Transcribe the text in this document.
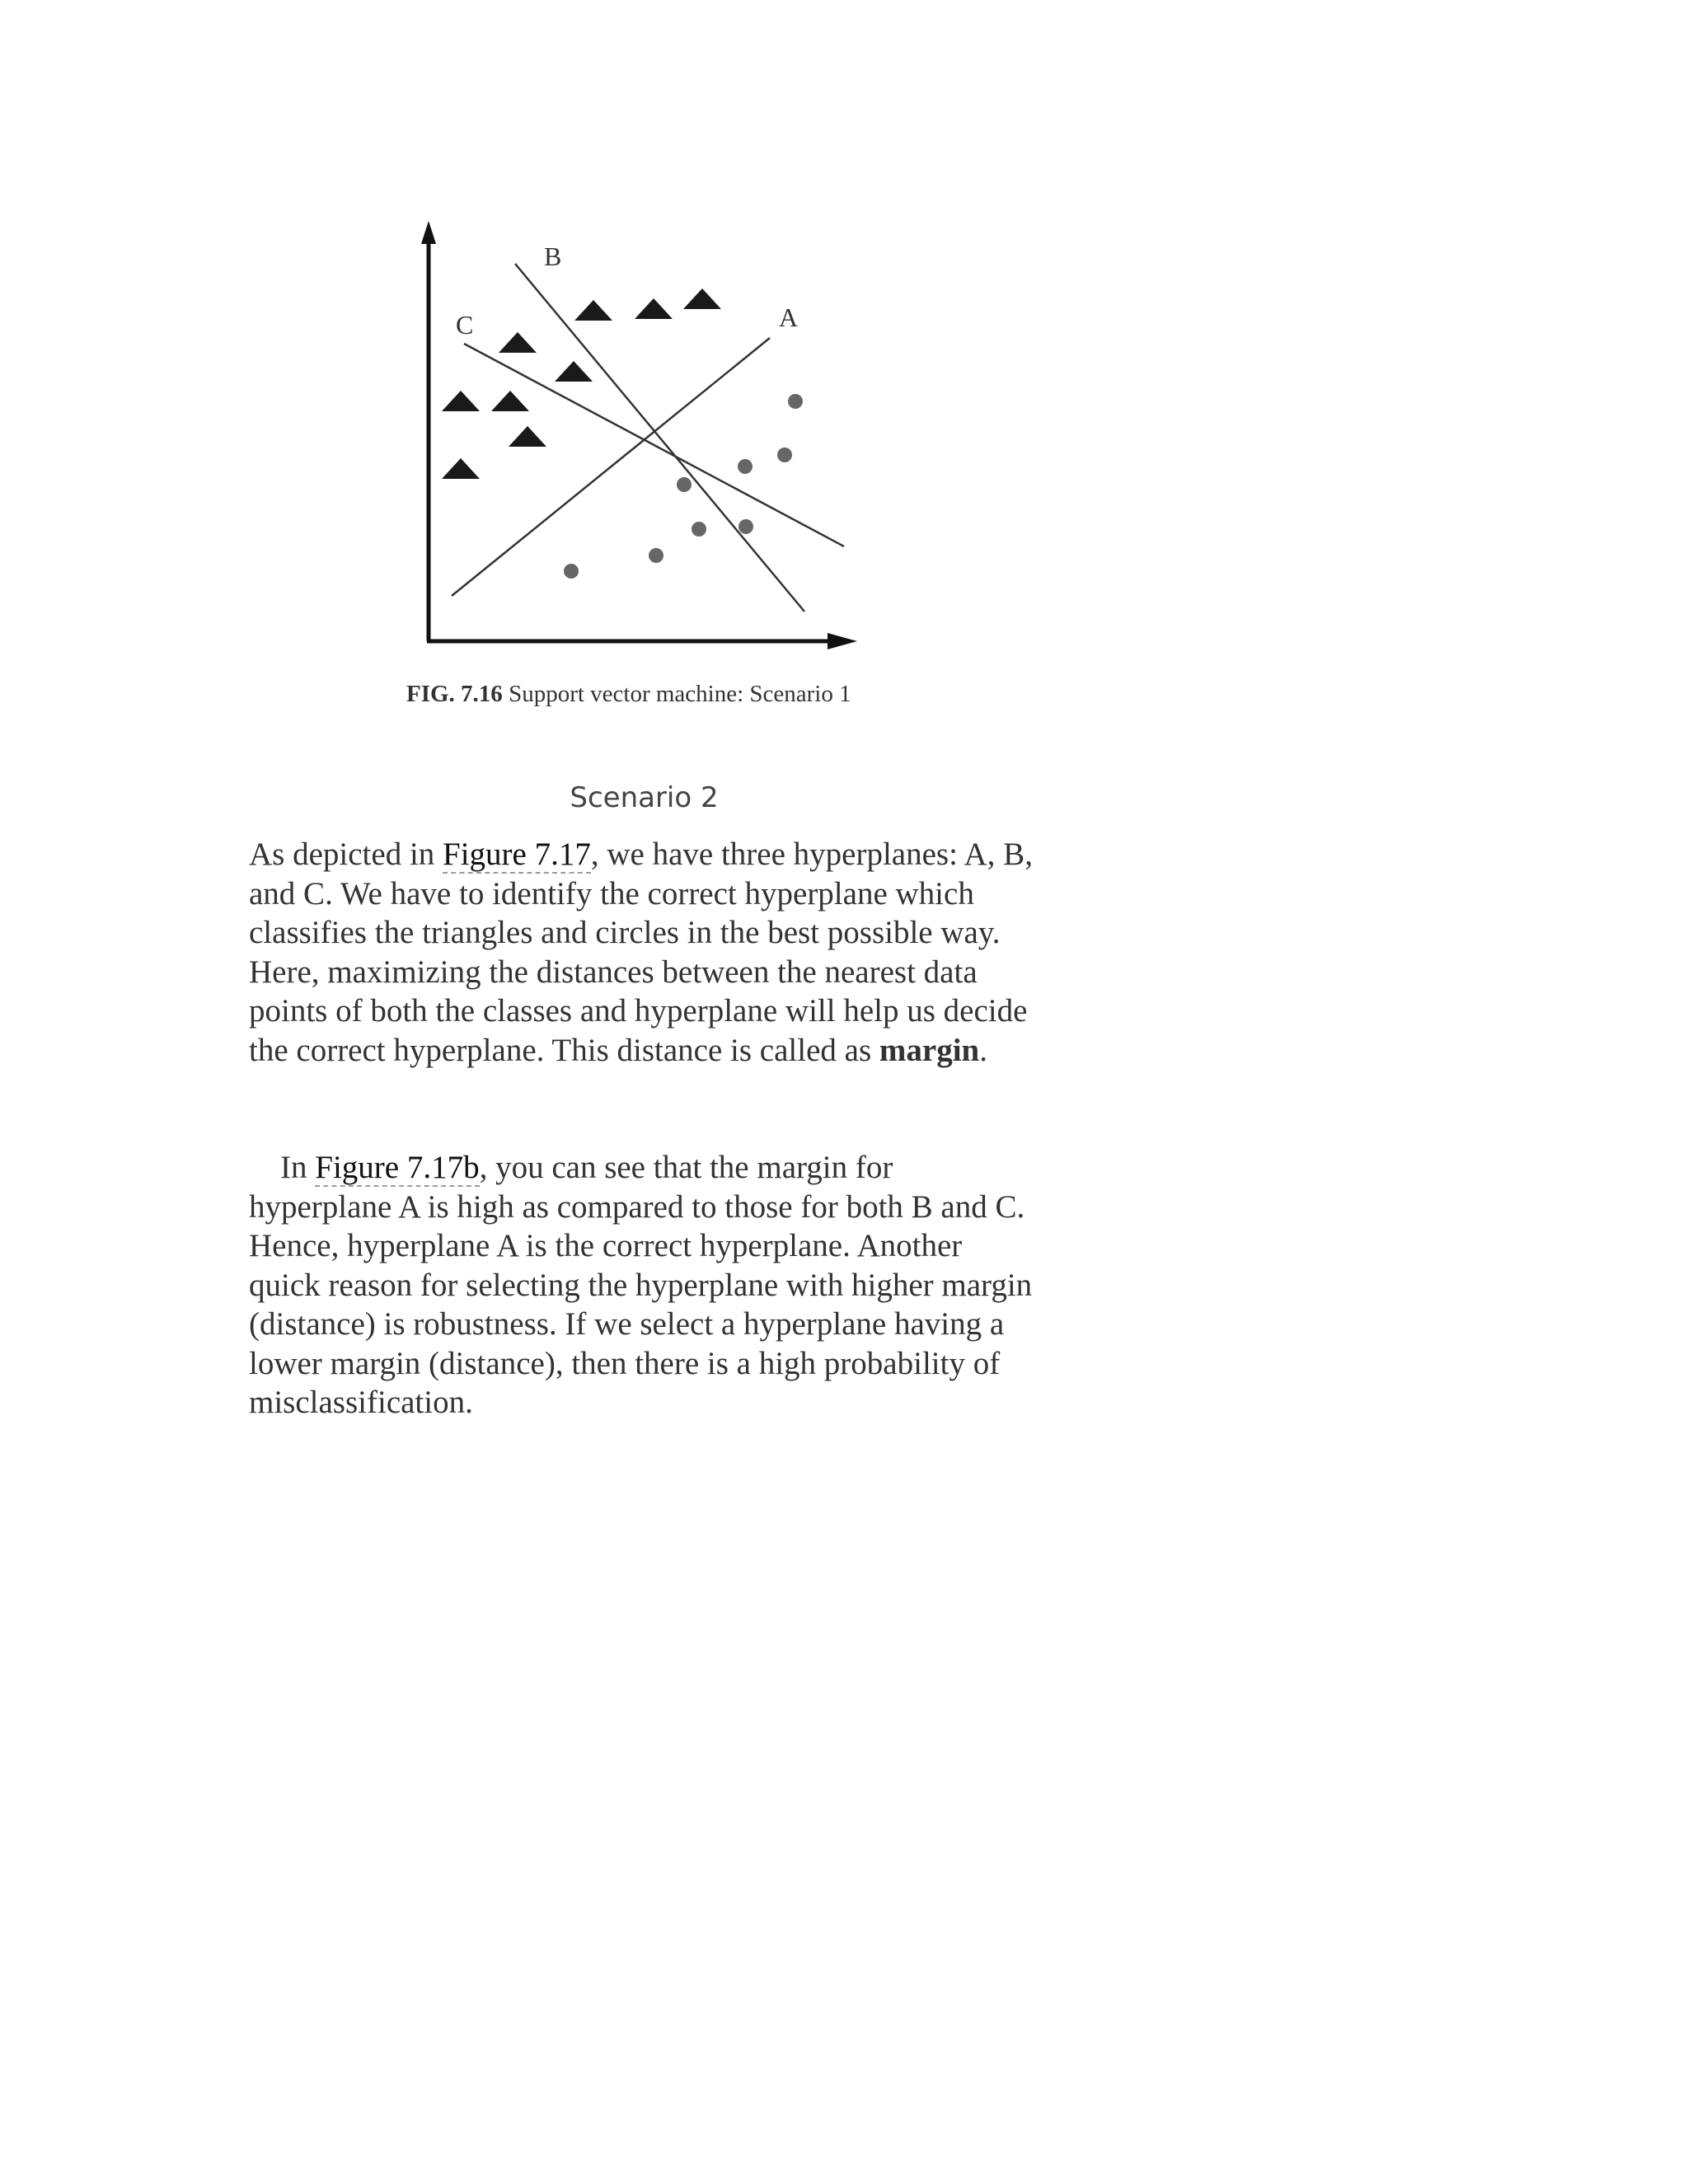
A
B
C
FIG. 7.16 Support vector machine: Scenario 1
Scenario 2
As depicted in Figure 7.17, we have three hyperplanes: A, B, and C. We have to identify the correct hyperplane which classifies the triangles and circles in the best possible way. Here, maximizing the distances between the nearest data points of both the classes and hyperplane will help us decide the correct hyperplane. This distance is called as margin.
In Figure 7.17b, you can see that the margin for hyperplane A is high as compared to those for both B and C. Hence, hyperplane A is the correct hyperplane. Another quick reason for selecting the hyperplane with higher margin (distance) is robustness. If we select a hyperplane having a lower margin (distance), then there is a high probability of misclassification.
